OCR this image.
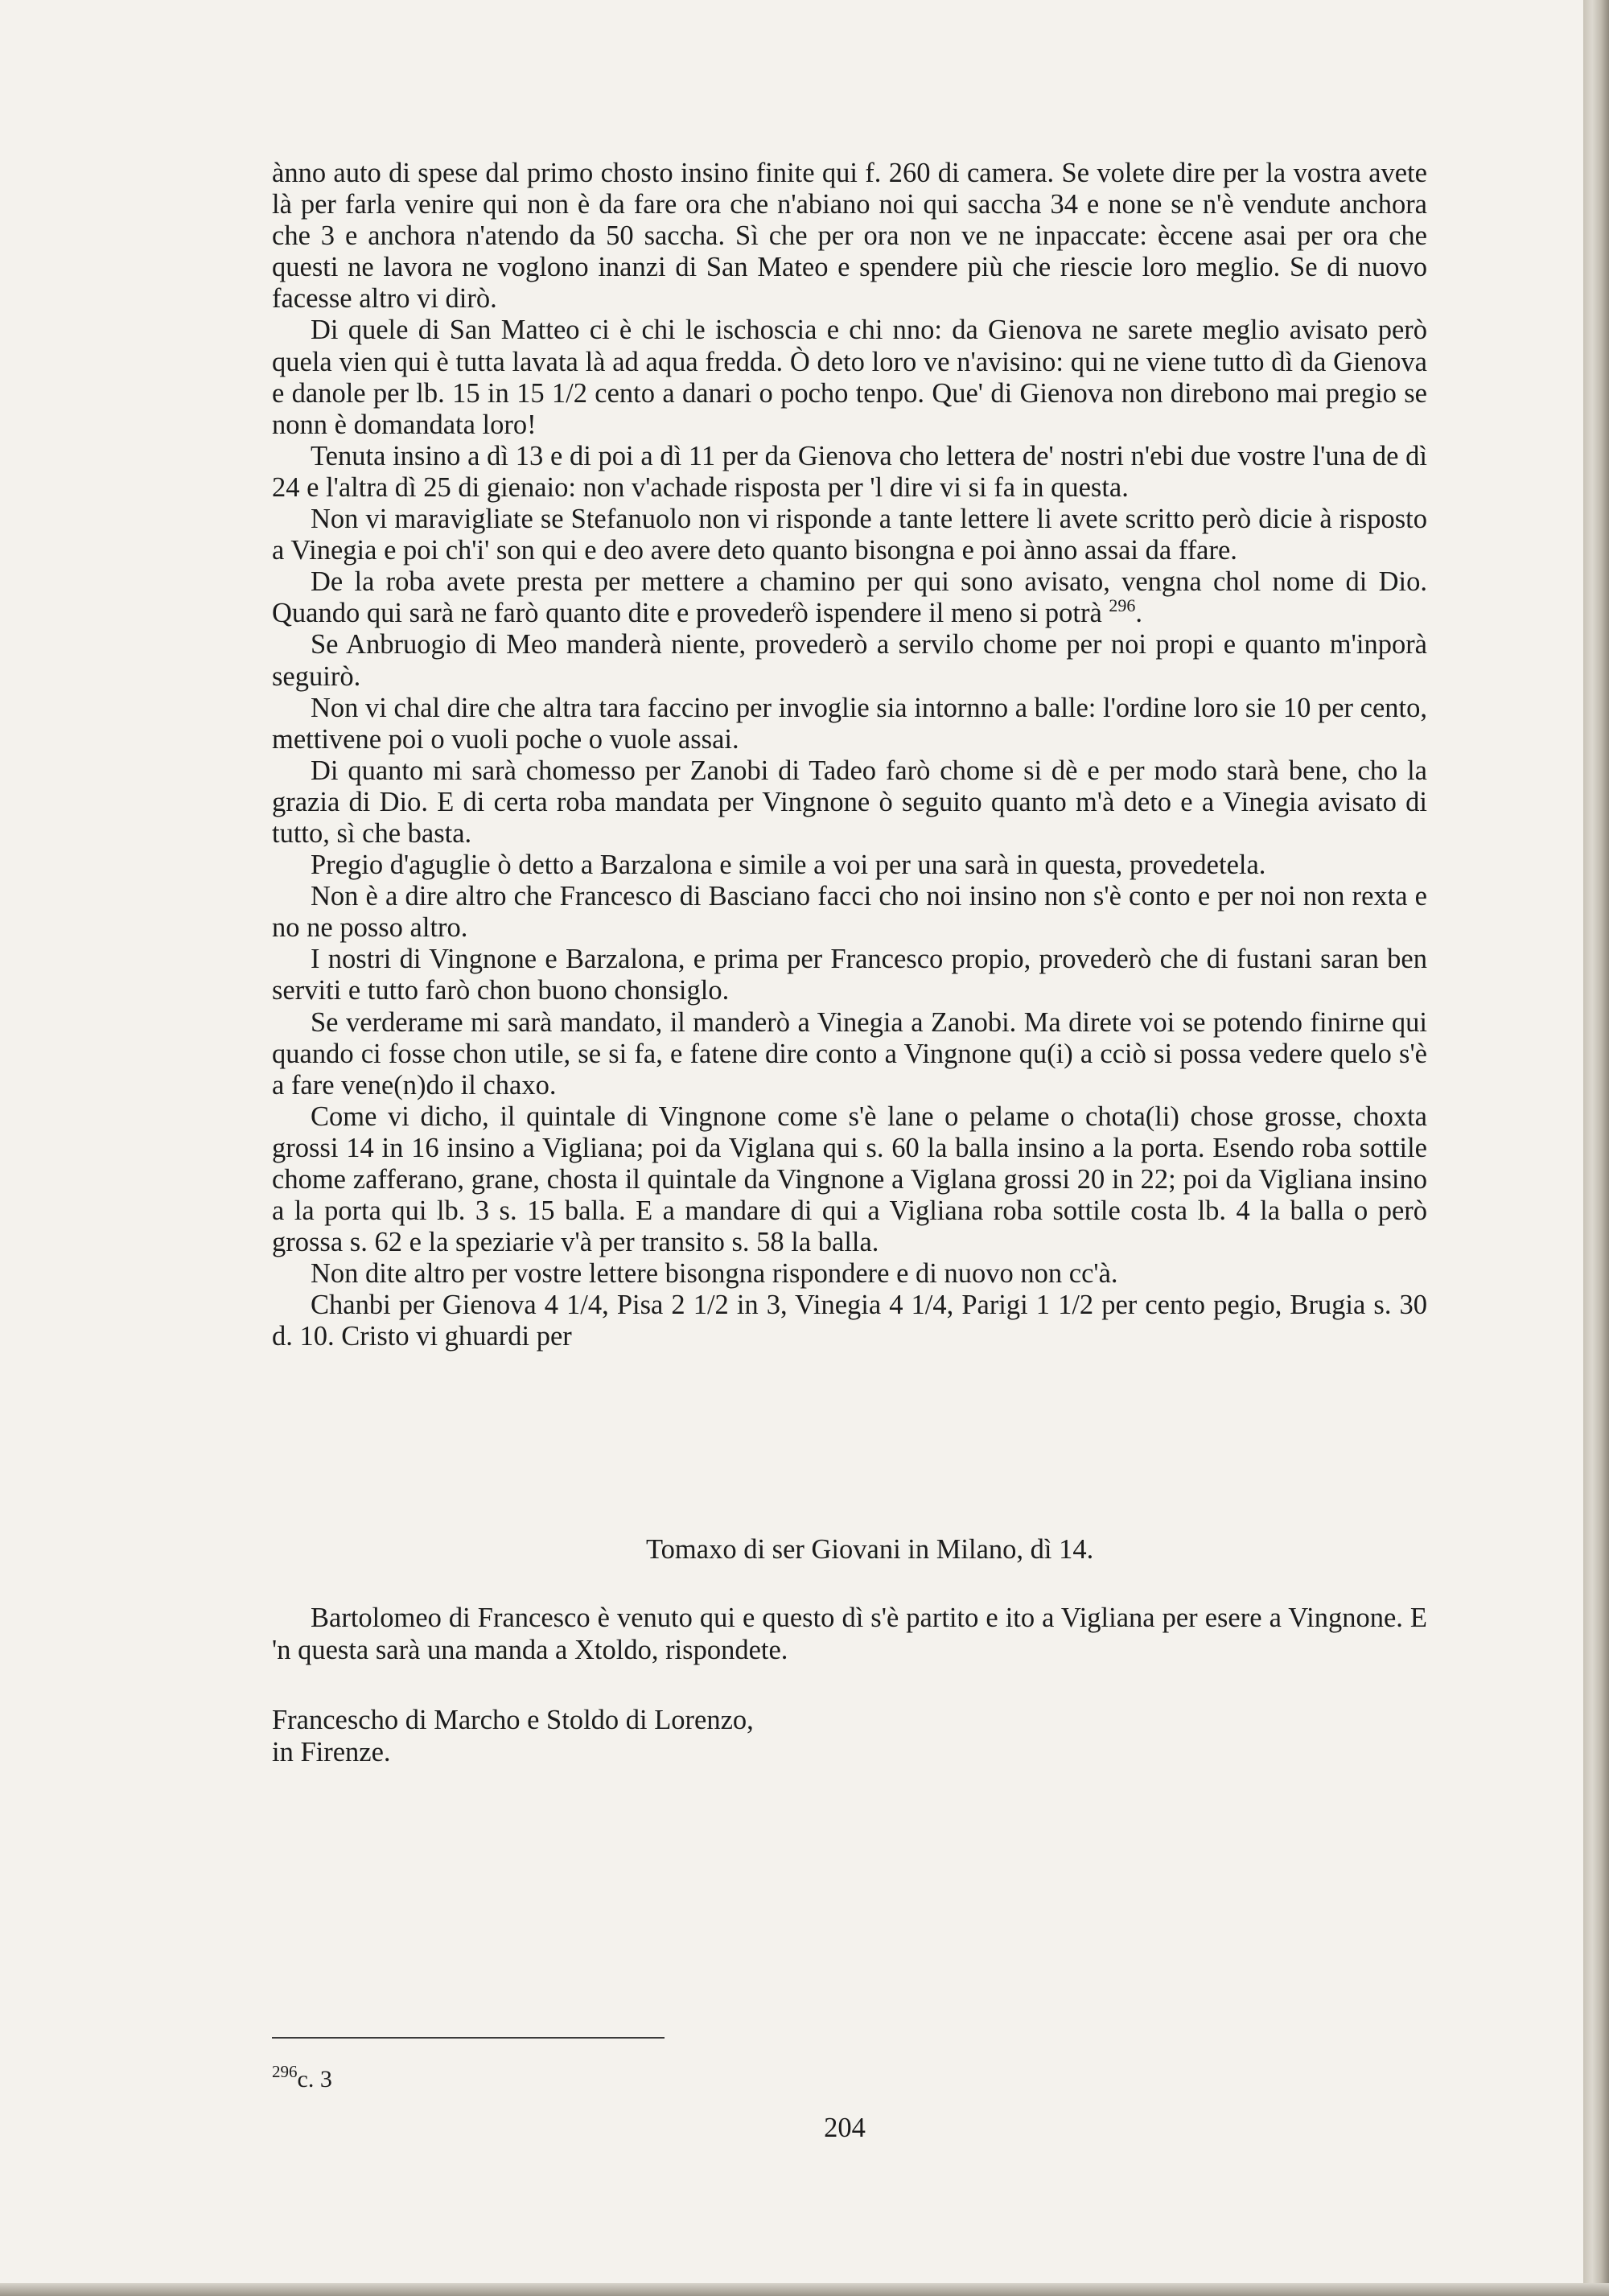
ànno auto di spese dal primo chosto insino finite qui f. 260 di camera. Se volete dire per la vostra avete là per farla venire qui non è da fare ora che n'abiano noi qui saccha 34 e none se n'è vendute anchora che 3 e anchora n'atendo da 50 saccha. Sì che per ora non ve ne inpaccate: èccene asai per ora che questi ne lavora ne voglono inanzi di San Mateo e spendere più che riescie loro meglio. Se di nuovo facesse altro vi dirò.

Di quele di San Matteo ci è chi le ischoscia e chi nno: da Gienova ne sarete meglio avisato però quela vien qui è tutta lavata là ad aqua fredda. Ò deto loro ve n'avisino: qui ne viene tutto dì da Gienova e danole per lb. 15 in 15 1/2 cento a danari o pocho tenpo. Que' di Gienova non direbono mai pregio se nonn è domandata loro!

Tenuta insino a dì 13 e di poi a dì 11 per da Gienova cho lettera de' nostri n'ebi due vostre l'una de dì 24 e l'altra dì 25 di gienaio: non v'achade risposta per 'l dire vi si fa in questa.

Non vi maravigliate se Stefanuolo non vi risponde a tante lettere li avete scritto però dicie à risposto a Vinegia e poi ch'i' son qui e deo avere deto quanto bisongna e poi ànno assai da ffare.

De la roba avete presta per mettere a chamino per qui sono avisato, vengna chol nome di Dio. Quando qui sarà ne farò quanto dite e proveder͑ò ispendere il meno si potrà $^{296}$.

Se Anbruogio di Meo manderà niente, provederò a servilo chome per noi propi e quanto m'inporà seguirò.

Non vi chal dire che altra tara faccino per invoglie sia intornno a balle: l'ordine loro sie 10 per cento, mettivene poi o vuoli poche o vuole assai.

Di quanto mi sarà chomesso per Zanobi di Tadeo farò chome si dè e per modo starà bene, cho la grazia di Dio. E di certa roba mandata per Vingnone ò seguito quanto m'à deto e a Vinegia avisato di tutto, sì che basta.

Pregio d'aguglie ò detto a Barzalona e simile a voi per una sarà in questa, provedetela.

Non è a dire altro che Francesco di Basciano facci cho noi insino non s'è conto e per noi non rexta e no ne posso altro.

I nostri di Vingnone e Barzalona, e prima per Francesco propio, provederò che di fustani saran ben serviti e tutto farò chon buono chonsiglo.

Se verderame mi sarà mandato, il manderò a Vinegia a Zanobi. Ma direte voi se potendo finirne qui quando ci fosse chon utile, se si fa, e fatene dire conto a Vingnone qu(i) a cciò si possa vedere quelo s'è a fare vene(n)do il chaxo.

Come vi dicho, il quintale di Vingnone come s'è lane o pelame o chota(li) chose grosse, choxta grossi 14 in 16 insino a Vigliana; poi da Viglana qui s. 60 la balla insino a la porta. Esendo roba sottile chome zafferano, grane, chosta il quintale da Vingnone a Viglana grossi 20 in 22; poi da Vigliana insino a la porta qui lb. 3 s. 15 balla. E a mandare di qui a Vigliana roba sottile costa lb. 4 la balla o però grossa s. 62 e la speziarie v'à per transito s. 58 la balla.

Non dite altro per vostre lettere bisongna rispondere e di nuovo non cc'à.

Chanbi per Gienova 4 1/4, Pisa 2 1/2 in 3, Vinegia 4 1/4, Parigi 1 1/2 per cento pegio, Brugia s. 30 d. 10. Cristo vi ghuardi per

Tomaxo di ser Giovani in Milano, dì 14.

Bartolomeo di Francesco è venuto qui e questo dì s'è partito e ito a Vigliana per esere a Vingnone. E 'n questa sarà una manda a Xtoldo, rispondete.

Francescho di Marcho e Stoldo di Lorenzo,
in Firenze.
$^{296}$c. 3
204
